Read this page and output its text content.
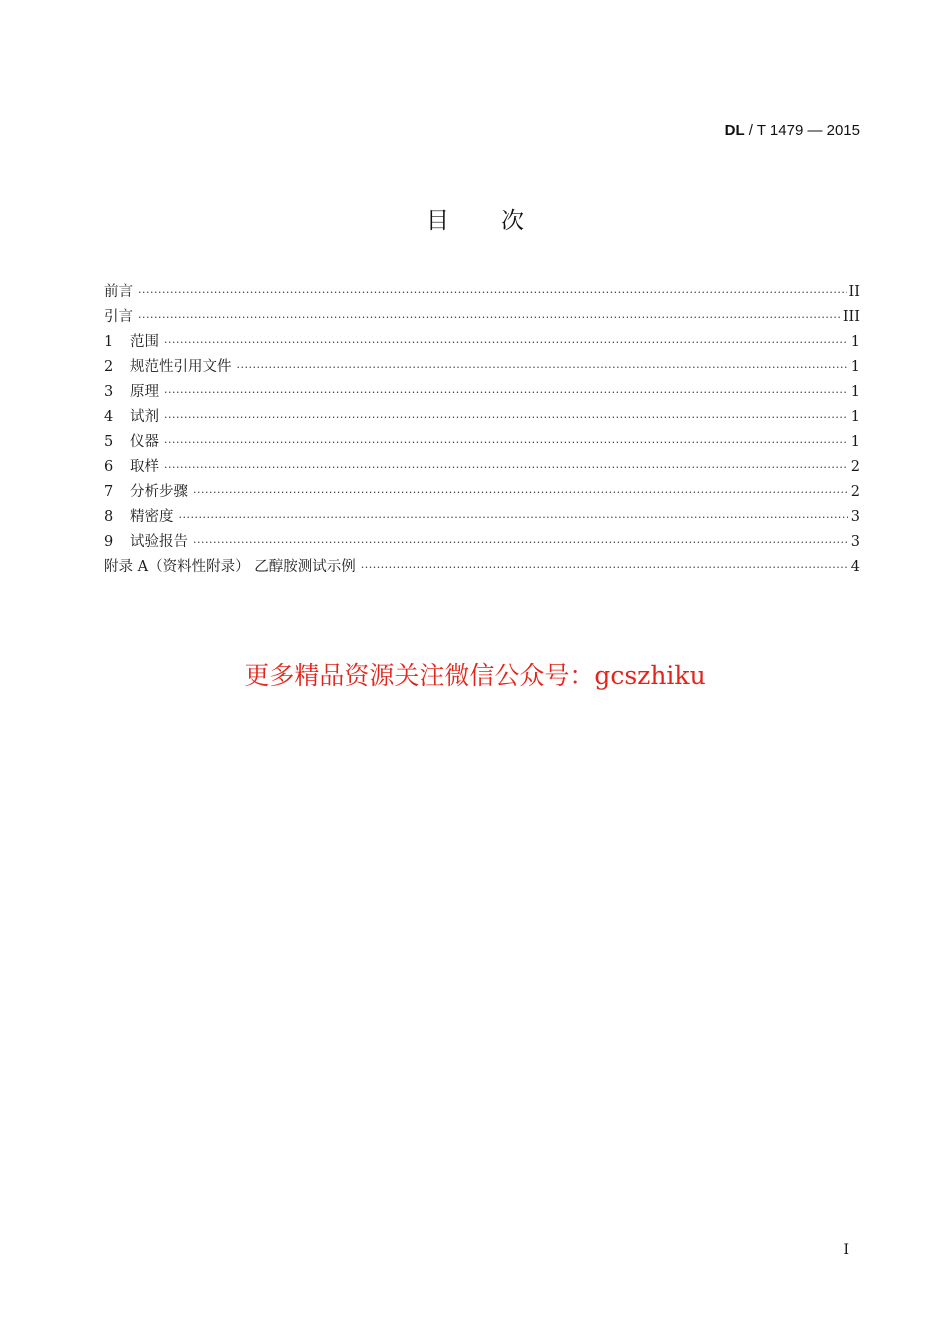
DL / T 1479 — 2015
目次
前言 ·····	II
引言 ·····	III
1	范围 ·····	1
2	规范性引用文件 ·····	1
3	原理 ·····	1
4	试剂 ·····	1
5	仪器 ·····	1
6	取样 ·····	2
7	分析步骤 ·····	2
8	精密度 ·····	3
9	试验报告 ·····	3
附录 A（资料性附录） 乙醇胺测试示例 ·····	4
更多精品资源关注微信公众号：gcszhiku
I
